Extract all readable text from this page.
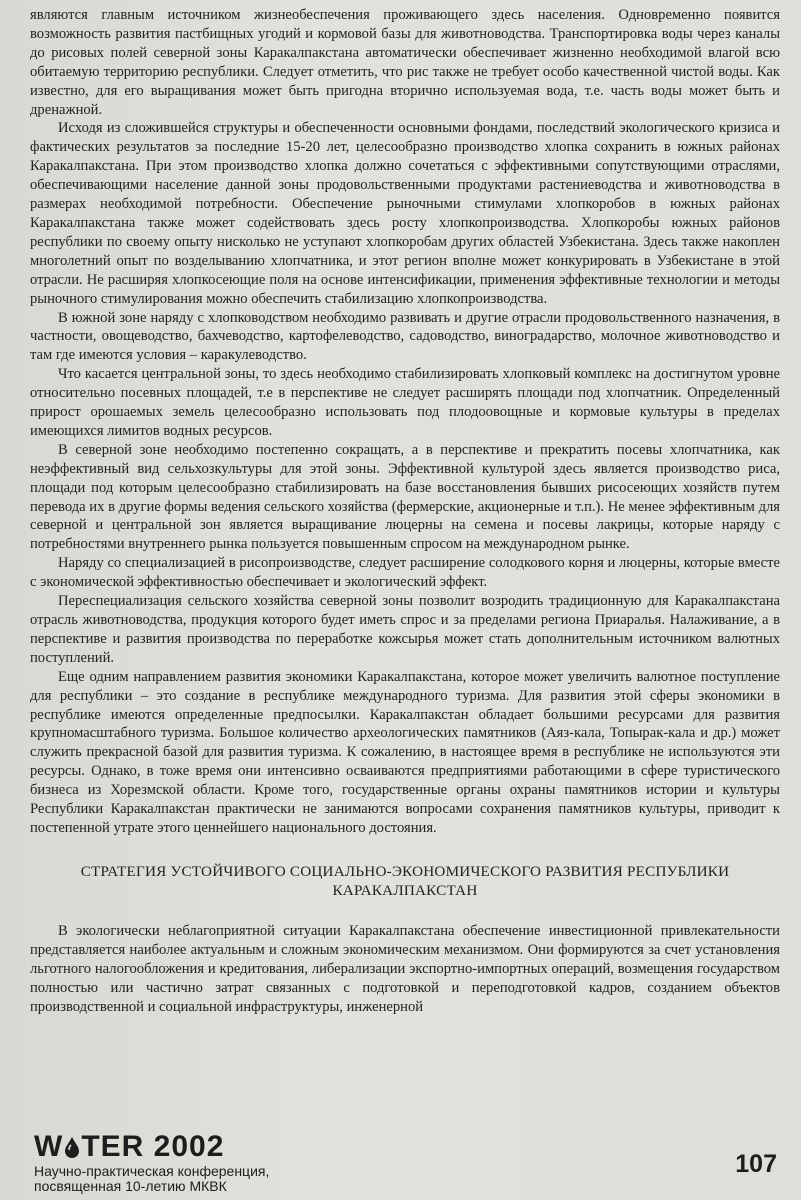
являются главным источником жизнеобеспечения проживающего здесь населения. Одновременно появится возможность развития пастбищных угодий и кормовой базы для животноводства. Транспортировка воды через каналы до рисовых полей северной зоны Каракалпакстана автоматически обеспечивает жизненно необходимой влагой всю обитаемую территорию республики. Следует отметить, что рис также не требует особо качественной чистой воды. Как известно, для его выращивания может быть пригодна вторично используемая вода, т.е. часть воды может быть и дренажной.

Исходя из сложившейся структуры и обеспеченности основными фондами, последствий экологического кризиса и фактических результатов за последние 15-20 лет, целесообразно производство хлопка сохранить в южных районах Каракалпакстана. При этом производство хлопка должно сочетаться с эффективными сопутствующими отраслями, обеспечивающими население данной зоны продовольственными продуктами растениеводства и животноводства в размерах необходимой потребности. Обеспечение рыночными стимулами хлопкоробов в южных районах Каракалпакстана также может содействовать здесь росту хлопкопроизводства. Хлопкоробы южных районов республики по своему опыту нисколько не уступают хлопкоробам других областей Узбекистана. Здесь также накоплен многолетний опыт по возделыванию хлопчатника, и этот регион вполне может конкурировать в Узбекистане в этой отрасли. Не расширяя хлопкосеющие поля на основе интенсификации, применения эффективные технологии и методы рыночного стимулирования можно обеспечить стабилизацию хлопкопроизводства.

В южной зоне наряду с хлопководством необходимо развивать и другие отрасли продовольственного назначения, в частности, овощеводство, бахчеводство, картофелеводство, садоводство, виноградарство, молочное животноводство и там где имеются условия – каракулеводство.

Что касается центральной зоны, то здесь необходимо стабилизировать хлопковый комплекс на достигнутом уровне относительно посевных площадей, т.е в перспективе не следует расширять площади под хлопчатник. Определенный прирост орошаемых земель целесообразно использовать под плодоовощные и кормовые культуры в пределах имеющихся лимитов водных ресурсов.

В северной зоне необходимо постепенно сокращать, а в перспективе и прекратить посевы хлопчатника, как неэффективный вид сельхозкультуры для этой зоны. Эффективной культурой здесь является производство риса, площади под которым целесообразно стабилизировать на базе восстановления бывших рисосеющих хозяйств путем перевода их в другие формы ведения сельского хозяйства (фермерские, акционерные и т.п.). Не менее эффективным для северной и центральной зон является выращивание люцерны на семена и посевы лакрицы, которые наряду с потребностями внутреннего рынка пользуется повышенным спросом на международном рынке.

Наряду со специализацией в рисопроизводстве, следует расширение солодкового корня и люцерны, которые вместе с экономической эффективностью обеспечивает и экологический эффект.

Переспециализация сельского хозяйства северной зоны позволит возродить традиционную для Каракалпакстана отрасль животноводства, продукция которого будет иметь спрос и за пределами региона Приаралья. Налаживание, а в перспективе и развития производства по переработке кожсырья может стать дополнительным источником валютных поступлений.

Еще одним направлением развития экономики Каракалпакстана, которое может увеличить валютное поступление для республики – это создание в республике международного туризма. Для развития этой сферы экономики в республике имеются определенные предпосылки. Каракалпакстан обладает большими ресурсами для развития крупномасштабного туризма. Большое количество археологических памятников (Аяз-кала, Топырак-кала и др.) может служить прекрасной базой для развития туризма. К сожалению, в настоящее время в республике не используются эти ресурсы. Однако, в тоже время они интенсивно осваиваются предприятиями работающими в сфере туристического бизнеса из Хорезмской области. Кроме того, государственные органы охраны памятников истории и культуры Республики Каракалпакстан практически не занимаются вопросами сохранения памятников культуры, приводит к постепенной утрате этого ценнейшего национального достояния.

СТРАТЕГИЯ УСТОЙЧИВОГО СОЦИАЛЬНО-ЭКОНОМИЧЕСКОГО РАЗВИТИЯ РЕСПУБЛИКИ КАРАКАЛПАКСТАН

В экологически неблагоприятной ситуации Каракалпакстана обеспечение инвестиционной привлекательности представляется наиболее актуальным и сложным экономическим механизмом. Они формируются за счет установления льготного налогообложения и кредитования, либерализации экспортно-импортных операций, возмещения государством полностью или частично затрат связанных с подготовкой и переподготовкой кадров, созданием объектов производственной и социальной инфраструктуры, инженерной

W TER 2002
Научно-практическая конференция,
посвященная 10-летию МКВК
107
